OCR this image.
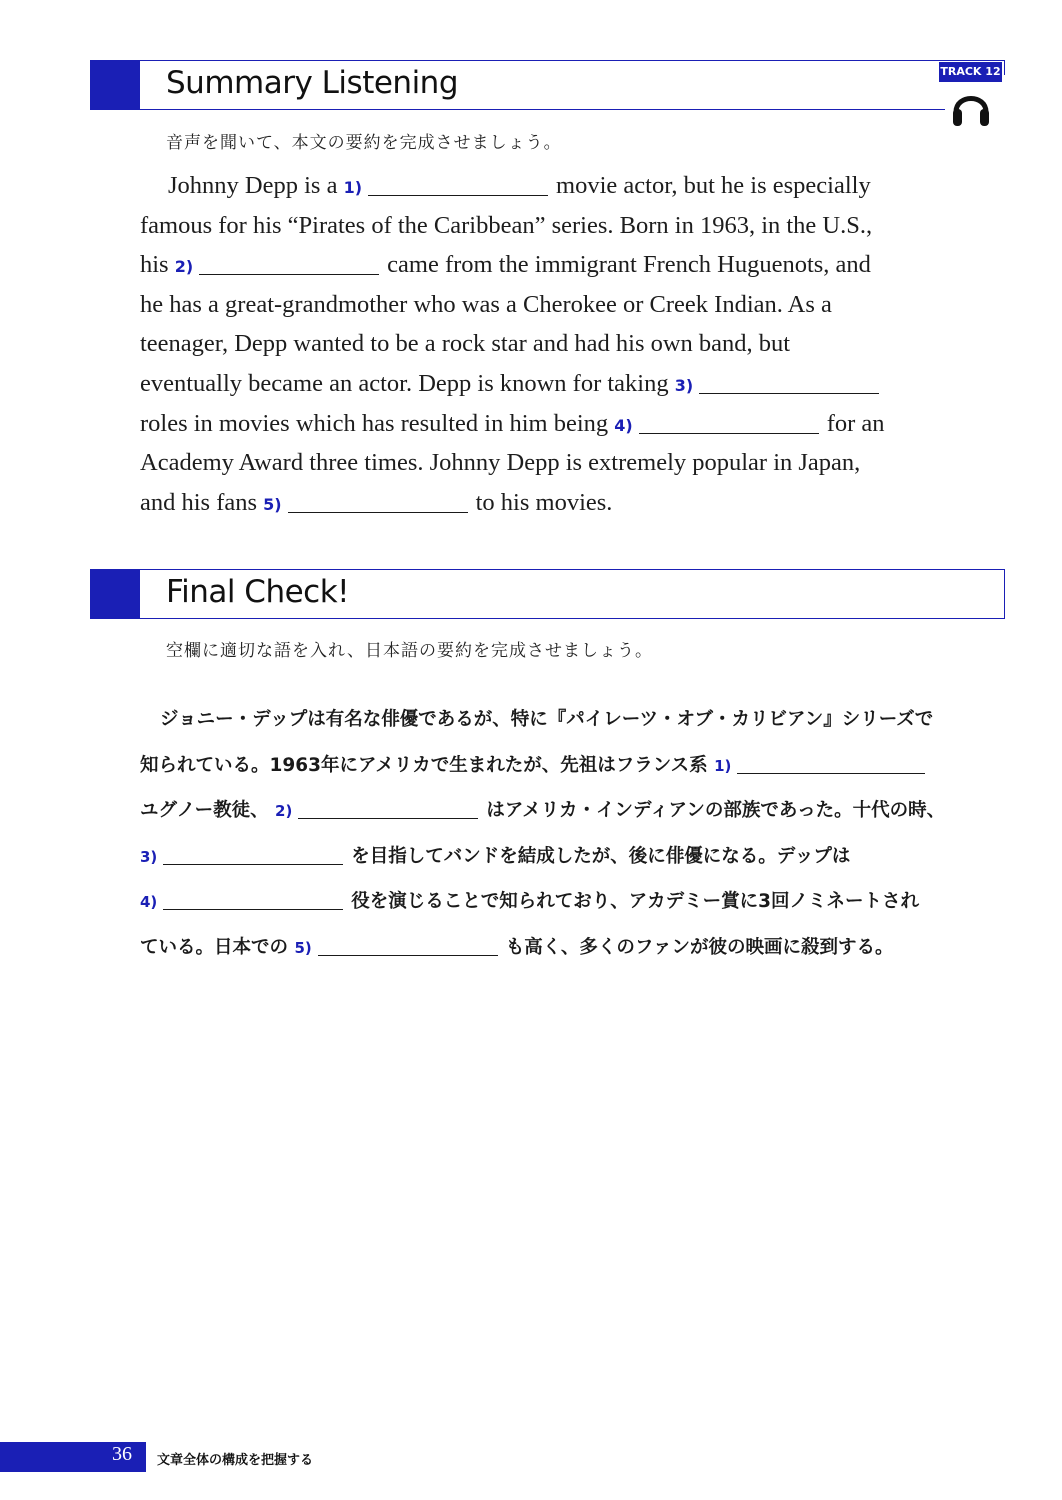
Summary Listening	TRACK 12
音声を聞いて、本文の要約を完成させましょう。
Johnny Depp is a 1)	movie actor, but he is especially
famous for his “Pirates of the Caribbean” series. Born in 1963, in the U.S.,
his 2)	came from the immigrant French Huguenots, and
he has a great-grandmother who was a Cherokee or Creek Indian. As a
teenager, Depp wanted to be a rock star and had his own band, but
eventually became an actor. Depp is known for taking 3)
roles in movies which has resulted in him being 4)	for an
Academy Award three times. Johnny Depp is extremely popular in Japan,
and his fans 5)	to his movies.
Final Check!
空欄に適切な語を入れ、日本語の要約を完成させましょう。
ジョニー・デップは有名な俳優であるが、特に『パイレーツ・オブ・カリビアン』シリーズで
知られている。1963年にアメリカで生まれたが、先祖はフランス系 1)
ユグノー教徒、 2)	はアメリカ・インディアンの部族であった。十代の時、
3)	を目指してバンドを結成したが、後に俳優になる。デップは
4)	役を演じることで知られており、アカデミー賞に3回ノミネートされ
ている。日本での 5)	も高く、多くのファンが彼の映画に殺到する。
36 文章全体の構成を把握する
